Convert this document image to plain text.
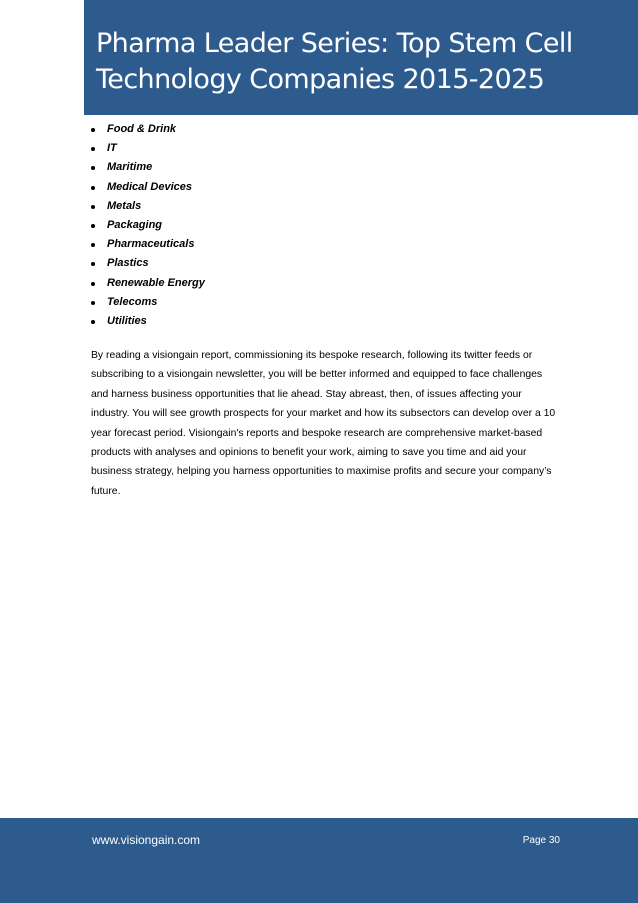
Pharma Leader Series: Top Stem Cell
Technology Companies 2015-2025
Food & Drink
IT
Maritime
Medical Devices
Metals
Packaging
Pharmaceuticals
Plastics
Renewable Energy
Telecoms
Utilities

By reading a visiongain report, commissioning its bespoke research, following its twitter feeds or subscribing to a visiongain newsletter, you will be better informed and equipped to face challenges and harness business opportunities that lie ahead. Stay abreast, then, of issues affecting your industry. You will see growth prospects for your market and how its subsectors can develop over a 10 year forecast period. Visiongain's reports and bespoke research are comprehensive market-based products with analyses and opinions to benefit your work, aiming to save you time and aid your business strategy, helping you harness opportunities to maximise profits and secure your company’s future.

www.visiongain.com	Page 30
